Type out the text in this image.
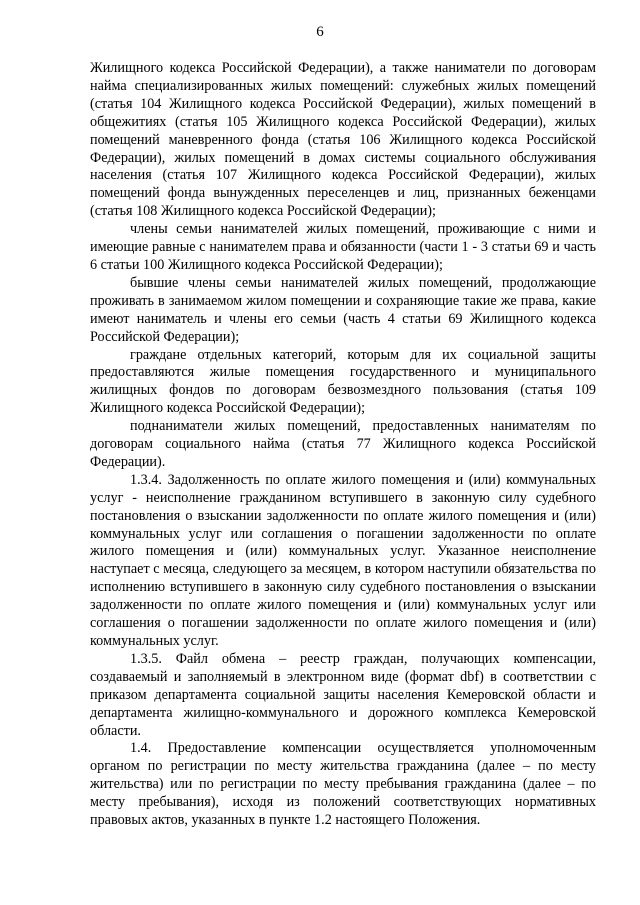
6

Жилищного кодекса Российской Федерации), а также наниматели по договорам найма специализированных жилых помещений: служебных жилых помещений (статья 104 Жилищного кодекса Российской Федерации), жилых помещений в общежитиях (статья 105 Жилищного кодекса Российской Федерации), жилых помещений маневренного фонда (статья 106 Жилищного кодекса Российской Федерации), жилых помещений в домах системы социального обслуживания населения (статья 107 Жилищного кодекса Российской Федерации), жилых помещений фонда вынужденных переселенцев и лиц, признанных беженцами (статья 108 Жилищного кодекса Российской Федерации);

члены семьи нанимателей жилых помещений, проживающие с ними и имеющие равные с нанимателем права и обязанности (части 1 - 3 статьи 69 и часть 6 статьи 100 Жилищного кодекса Российской Федерации);

бывшие члены семьи нанимателей жилых помещений, продолжающие проживать в занимаемом жилом помещении и сохраняющие такие же права, какие имеют наниматель и члены его семьи (часть 4 статьи 69 Жилищного кодекса Российской Федерации);

граждане отдельных категорий, которым для их социальной защиты предоставляются жилые помещения государственного и муниципального жилищных фондов по договорам безвозмездного пользования (статья 109 Жилищного кодекса Российской Федерации);

поднаниматели жилых помещений, предоставленных нанимателям по договорам социального найма (статья 77 Жилищного кодекса Российской Федерации).

1.3.4. Задолженность по оплате жилого помещения и (или) коммунальных услуг - неисполнение гражданином вступившего в законную силу судебного постановления о взыскании задолженности по оплате жилого помещения и (или) коммунальных услуг или соглашения о погашении задолженности по оплате жилого помещения и (или) коммунальных услуг. Указанное неисполнение наступает с месяца, следующего за месяцем, в котором наступили обязательства по исполнению вступившего в законную силу судебного постановления о взыскании задолженности по оплате жилого помещения и (или) коммунальных услуг или соглашения о погашении задолженности по оплате жилого помещения и (или) коммунальных услуг.

1.3.5. Файл обмена – реестр граждан, получающих компенсации, создаваемый и заполняемый в электронном виде (формат dbf) в соответствии с приказом департамента социальной защиты населения Кемеровской области и департамента жилищно-коммунального и дорожного комплекса Кемеровской области.

1.4. Предоставление компенсации осуществляется уполномоченным органом по регистрации по месту жительства гражданина (далее – по месту жительства) или по регистрации по месту пребывания гражданина (далее – по месту пребывания), исходя из положений соответствующих нормативных правовых актов, указанных в пункте 1.2 настоящего Положения.
